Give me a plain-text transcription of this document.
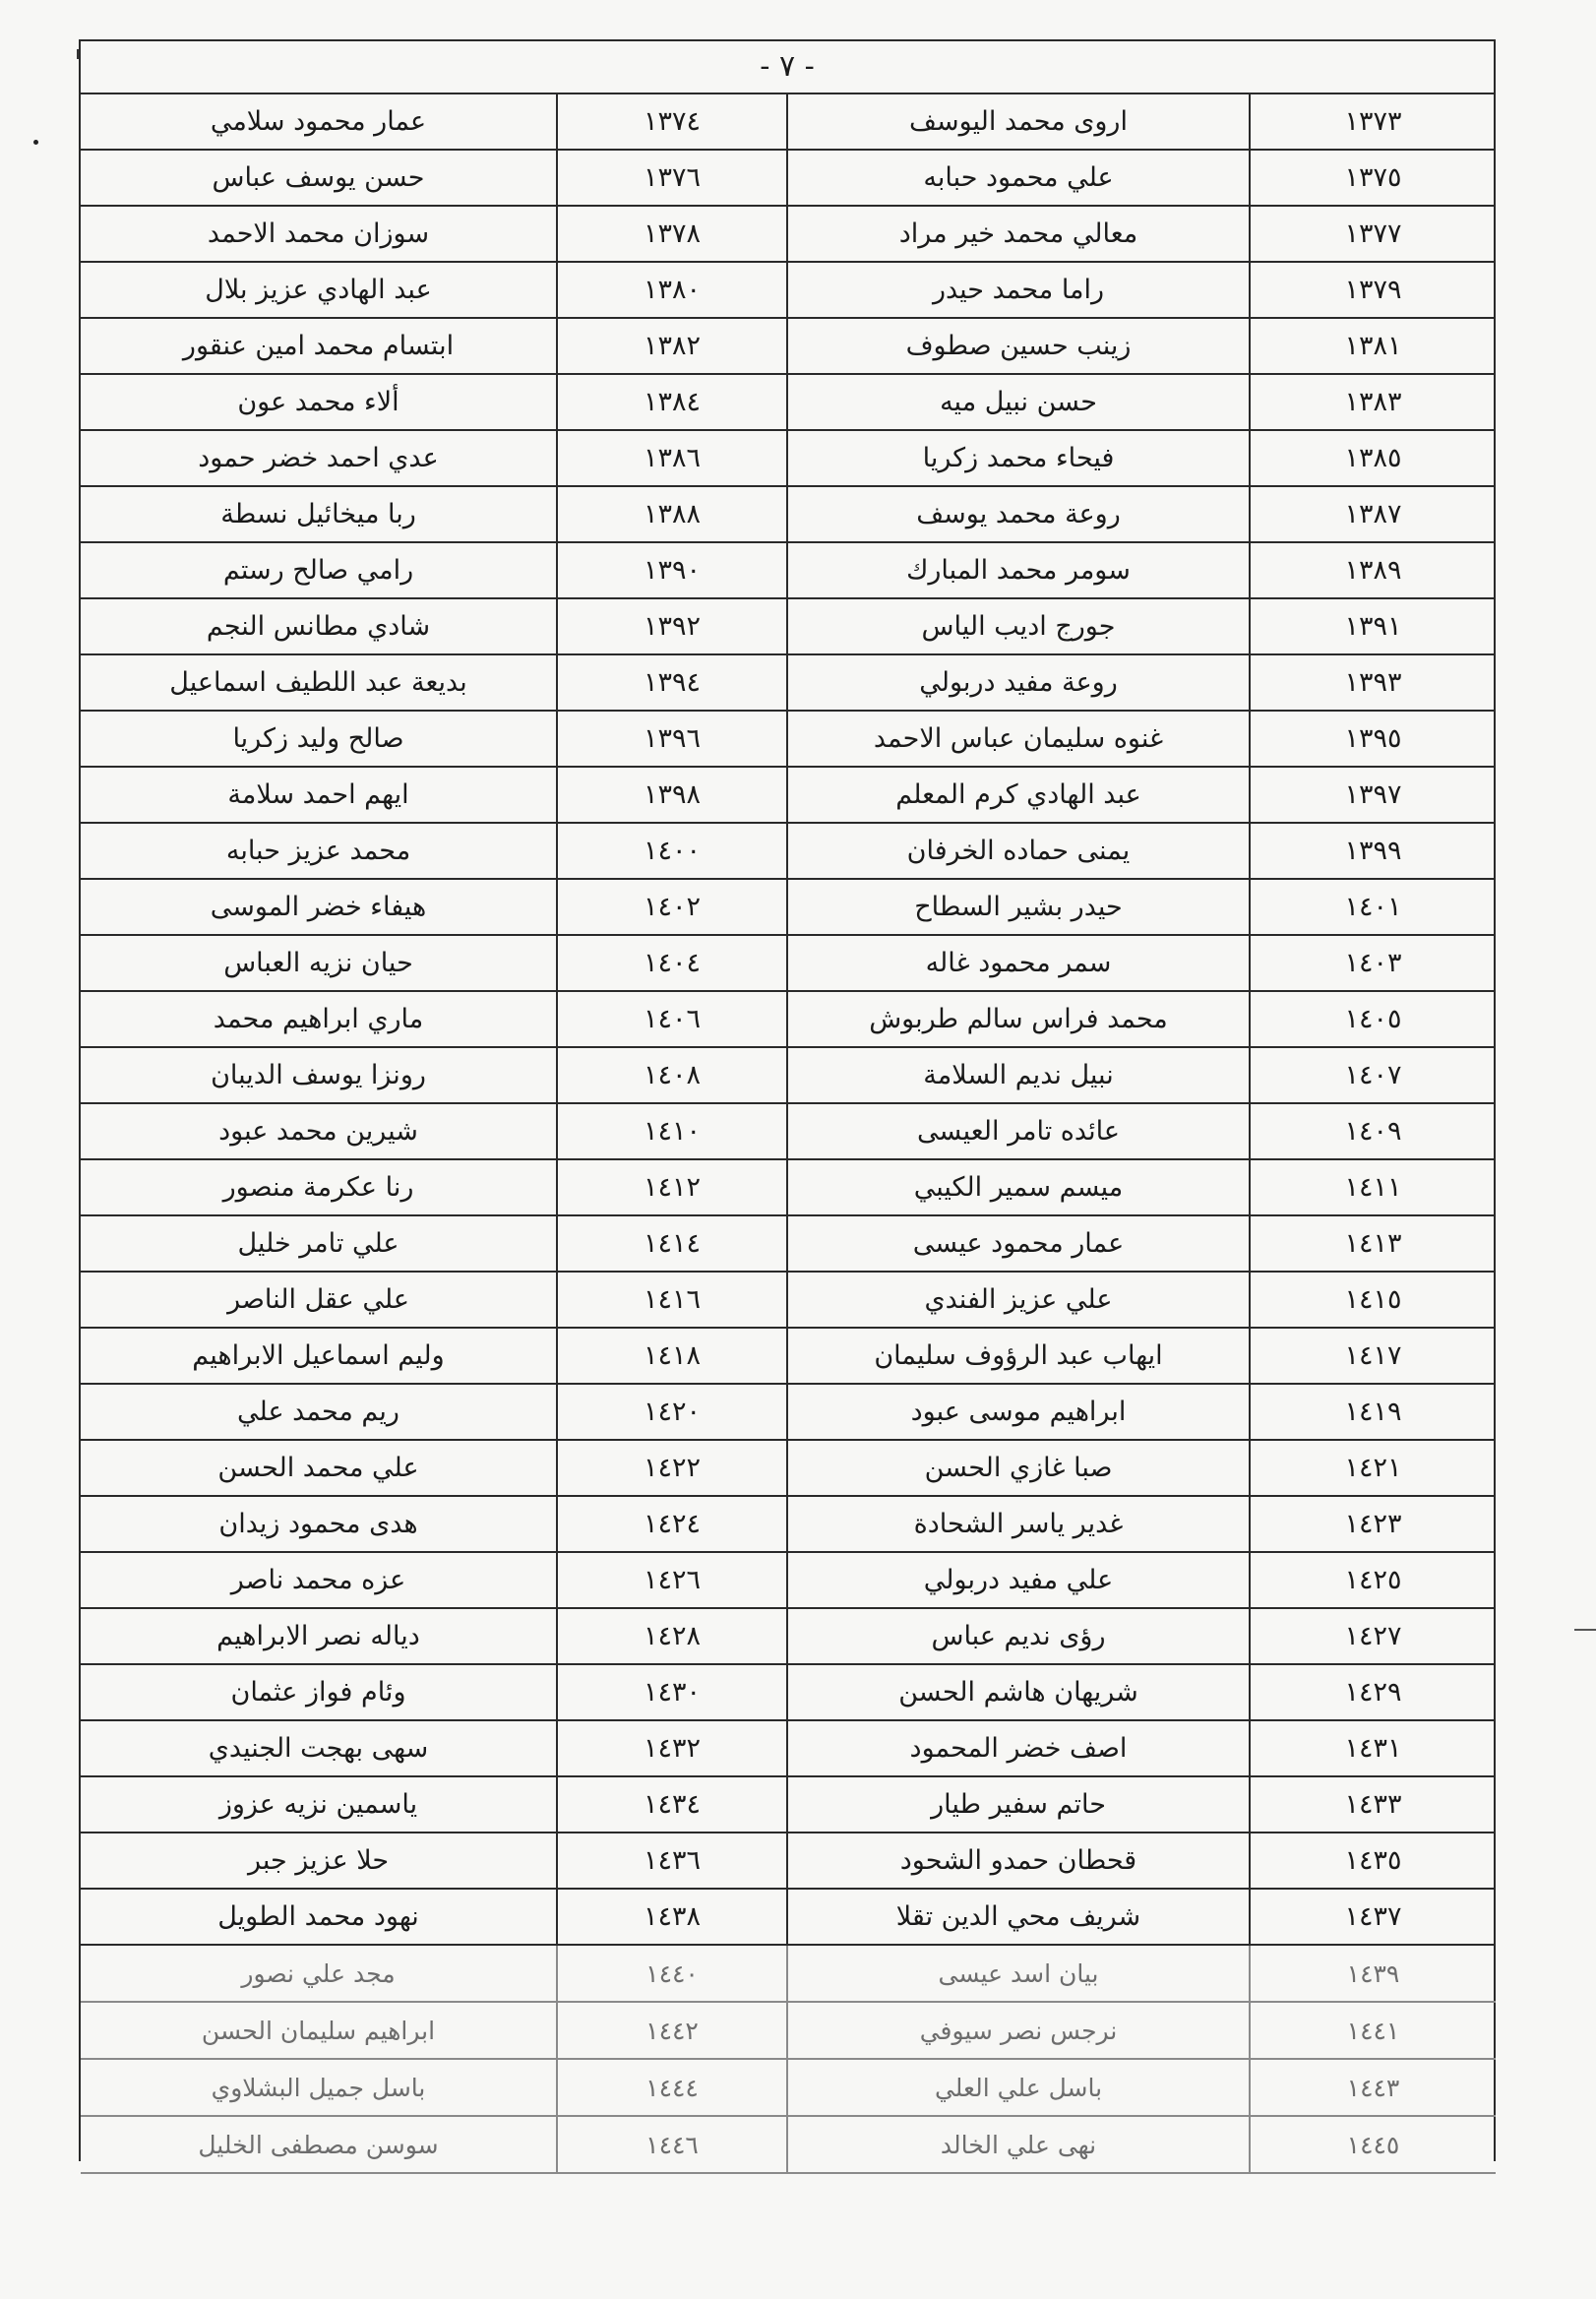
- ٧ -
١٣٧٣	اروى محمد اليوسف	١٣٧٤	عمار محمود سلامي
١٣٧٥	علي محمود حبابه	١٣٧٦	حسن يوسف عباس
١٣٧٧	معالي محمد خير مراد	١٣٧٨	سوزان محمد الاحمد
١٣٧٩	راما محمد حيدر	١٣٨٠	عبد الهادي عزيز بلال
١٣٨١	زينب حسين صطوف	١٣٨٢	ابتسام محمد امين عنقور
١٣٨٣	حسن نبيل ميه	١٣٨٤	ألاء محمد عون
١٣٨٥	فيحاء محمد زكريا	١٣٨٦	عدي احمد خضر حمود
١٣٨٧	روعة محمد يوسف	١٣٨٨	ربا ميخائيل نسطة
١٣٨٩	سومر محمد المبارك	١٣٩٠	رامي صالح رستم
١٣٩١	جورج اديب الياس	١٣٩٢	شادي مطانس النجم
١٣٩٣	روعة مفيد دربولي	١٣٩٤	بديعة عبد اللطيف اسماعيل
١٣٩٥	غنوه سليمان عباس الاحمد	١٣٩٦	صالح وليد زكريا
١٣٩٧	عبد الهادي كرم المعلم	١٣٩٨	ايهم احمد سلامة
١٣٩٩	يمنى حماده الخرفان	١٤٠٠	محمد عزيز حبابه
١٤٠١	حيدر بشير السطاح	١٤٠٢	هيفاء خضر الموسى
١٤٠٣	سمر محمود غاله	١٤٠٤	حيان نزيه العباس
١٤٠٥	محمد فراس سالم طربوش	١٤٠٦	ماري ابراهيم محمد
١٤٠٧	نبيل نديم السلامة	١٤٠٨	رونزا يوسف الديبان
١٤٠٩	عائده تامر العيسى	١٤١٠	شيرين محمد عبود
١٤١١	ميسم سمير الكيبي	١٤١٢	رنا عكرمة منصور
١٤١٣	عمار محمود عيسى	١٤١٤	علي تامر خليل
١٤١٥	علي عزيز الفندي	١٤١٦	علي عقل الناصر
١٤١٧	ايهاب عبد الرؤوف سليمان	١٤١٨	وليم اسماعيل الابراهيم
١٤١٩	ابراهيم موسى عبود	١٤٢٠	ريم محمد علي
١٤٢١	صبا غازي الحسن	١٤٢٢	علي محمد الحسن
١٤٢٣	غدير ياسر الشحادة	١٤٢٤	هدى محمود زيدان
١٤٢٥	علي مفيد دربولي	١٤٢٦	عزه محمد ناصر
١٤٢٧	رؤى نديم عباس	١٤٢٨	دياله نصر الابراهيم
١٤٢٩	شريهان هاشم الحسن	١٤٣٠	وئام فواز عثمان
١٤٣١	اصف خضر المحمود	١٤٣٢	سهى بهجت الجنيدي
١٤٣٣	حاتم سفير طيار	١٤٣٤	ياسمين نزيه عزوز
١٤٣٥	قحطان حمدو الشحود	١٤٣٦	حلا عزيز جبر
١٤٣٧	شريف محي الدين تقلا	١٤٣٨	نهود محمد الطويل
١٤٣٩	بيان اسد عيسى	١٤٤٠	مجد علي نصور
١٤٤١	نرجس نصر سيوفي	١٤٤٢	ابراهيم سليمان الحسن
١٤٤٣	باسل علي العلي	١٤٤٤	باسل جميل البشلاوي
١٤٤٥	نهى علي الخالد	١٤٤٦	سوسن مصطفى الخليل
